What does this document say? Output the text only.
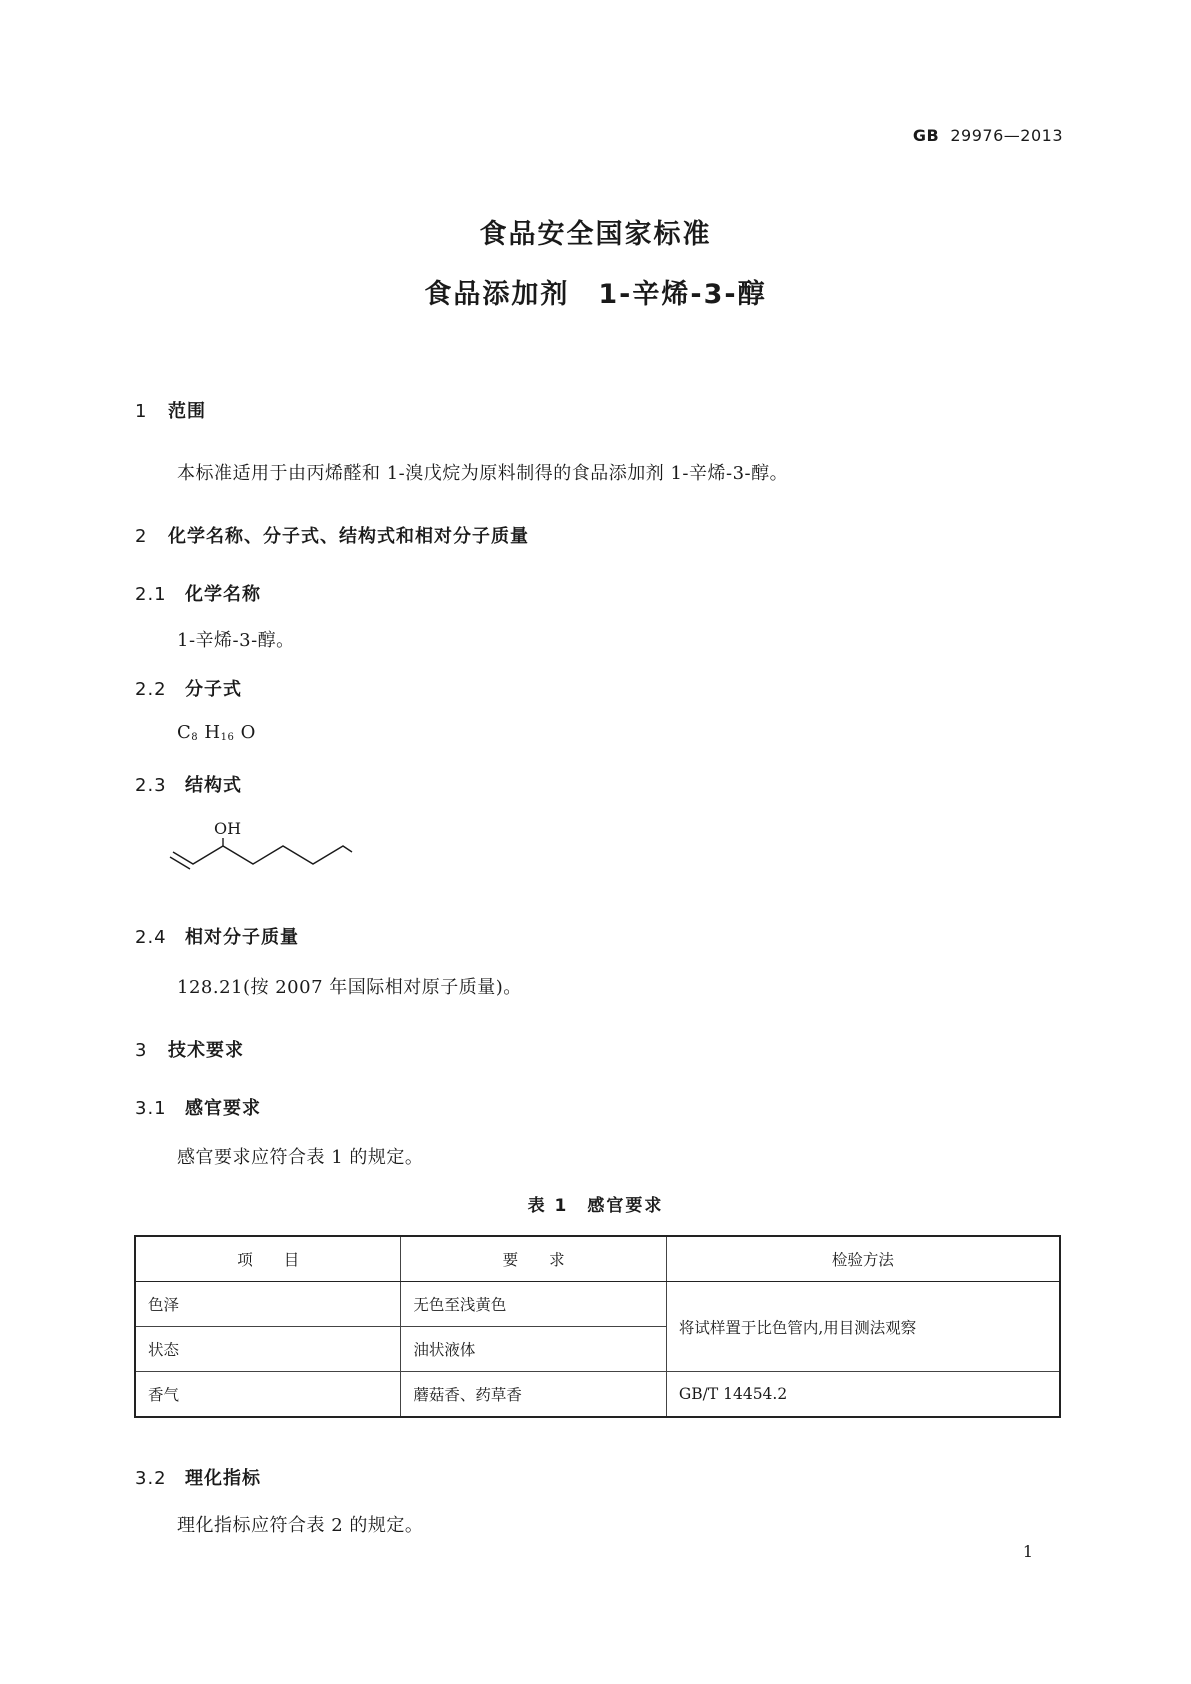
GB 29976—2013
食品安全国家标准
食品添加剂　1-辛烯-3-醇
1 范围
本标准适用于由丙烯醛和 1-溴戊烷为原料制得的食品添加剂 1-辛烯-3-醇。
2 化学名称、分子式、结构式和相对分子质量
2.1 化学名称
1-辛烯-3-醇。
2.2 分子式
$C_8$ $H_{16}$ O
2.3 结构式
OH
2.4 相对分子质量
128.21(按 2007 年国际相对原子质量)。
3 技术要求
3.1 感官要求
感官要求应符合表 1 的规定。
表 1　感官要求
项　　目	要　　求	检验方法
色泽	无色至浅黄色	将试样置于比色管内,用目测法观察
状态	油状液体	
香气	蘑菇香、药草香	GB/T 14454.2
3.2 理化指标
理化指标应符合表 2 的规定。
1
